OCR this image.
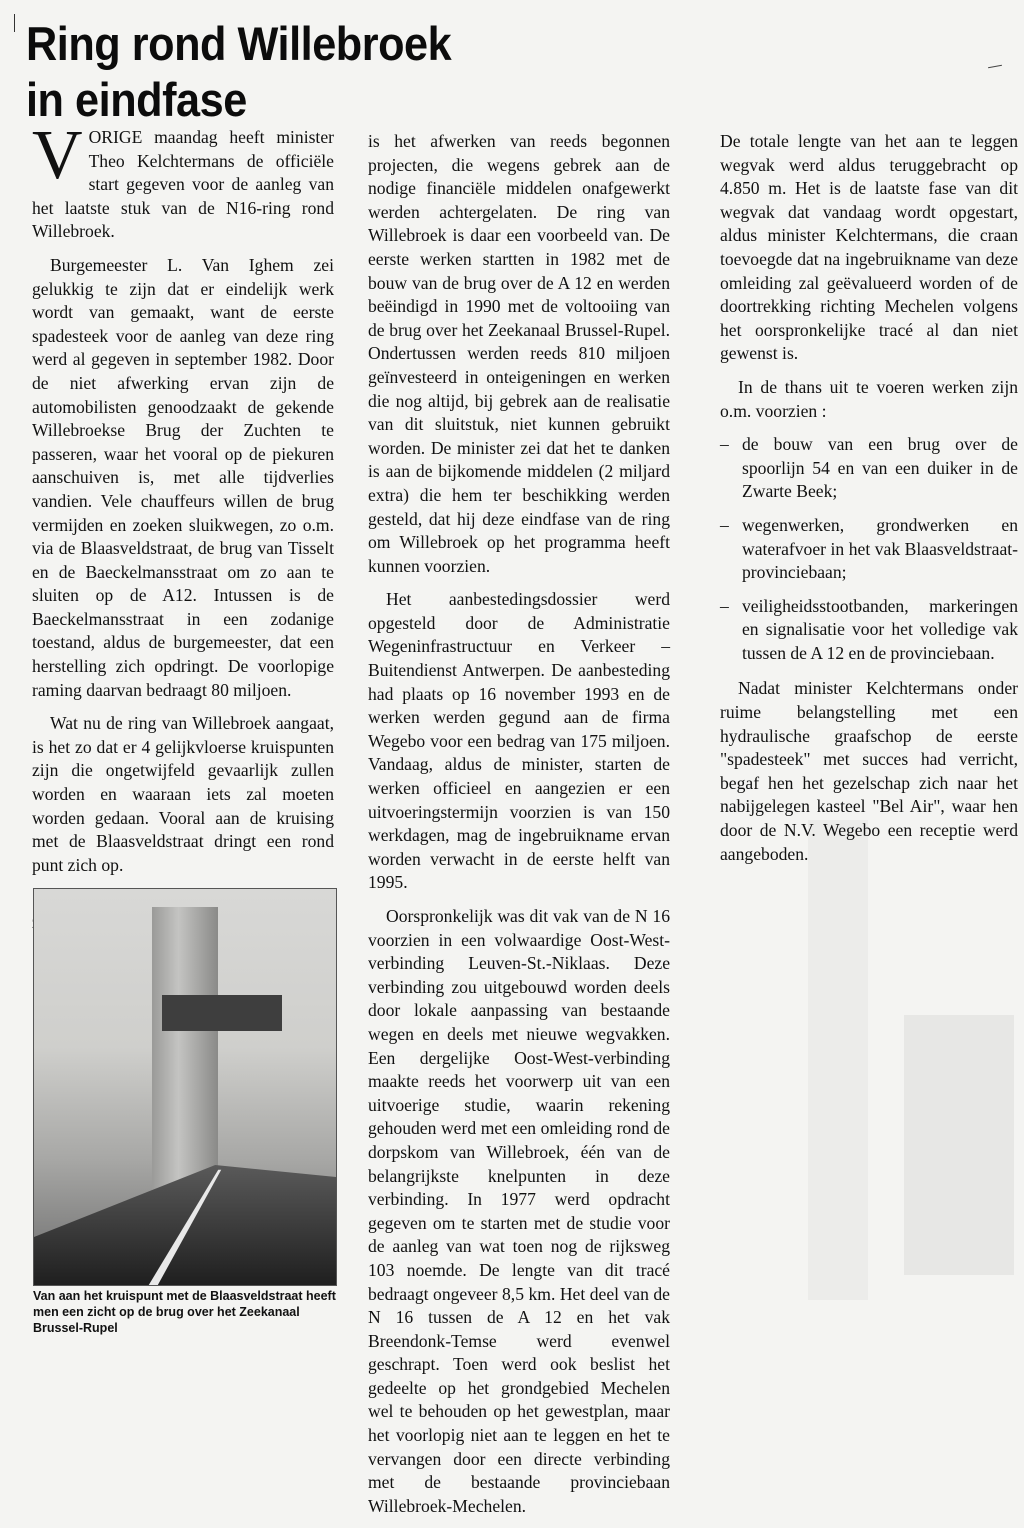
Ring rond Willebroek
in eindfase

VORIGE maandag heeft minister Theo Kelchtermans de officiële start gegeven voor de aanleg van het laatste stuk van de N16-ring rond Willebroek.

Burgemeester L. Van Ighem zei gelukkig te zijn dat er eindelijk werk wordt van gemaakt, want de eerste spadesteek voor de aanleg van deze ring werd al gegeven in september 1982. Door de niet afwerking ervan zijn de automobilisten genoodzaakt de gekende Willebroekse Brug der Zuchten te passeren, waar het vooral op de piekuren aanschuiven is, met alle tijdverlies vandien. Vele chauffeurs willen de brug vermijden en zoeken sluikwegen, zo o.m. via de Blaasveldstraat, de brug van Tisselt en de Baeckelmansstraat om zo aan te sluiten op de A12. Intussen is de Baeckelmansstraat in een zodanige toestand, aldus de burgemeester, dat een herstelling zich opdringt. De voorlopige raming daarvan bedraagt 80 miljoen.

Wat nu de ring van Willebroek aangaat, is het zo dat er 4 gelijkvloerse kruispunten zijn die ongetwijfeld gevaarlijk zullen worden en waaraan iets zal moeten worden gedaan. Vooral aan de kruising met de Blaasveldstraat dringt een rond punt zich op.

Van aan het kruispunt met de Blaasveldstraat heeft men een zicht op de brug over het Zeekanaal Brussel-Rupel

is het afwerken van reeds begonnen projecten, die wegens gebrek aan de nodige financiële middelen onafgewerkt werden achtergelaten. De ring van Willebroek is daar een voorbeeld van. De eerste werken startten in 1982 met de bouw van de brug over de A 12 en werden beëindigd in 1990 met de voltooiing van de brug over het Zeekanaal Brussel-Rupel. Ondertussen werden reeds 810 miljoen geïnvesteerd in onteigeningen en werken die nog altijd, bij gebrek aan de realisatie van dit sluitstuk, niet kunnen gebruikt worden. De minister zei dat het te danken is aan de bijkomende middelen (2 miljard extra) die hem ter beschikking werden gesteld, dat hij deze eindfase van de ring om Willebroek op het programma heeft kunnen voorzien.

Het aanbestedingsdossier werd opgesteld door de Administratie Wegeninfrastructuur en Verkeer – Buitendienst Antwerpen. De aanbesteding had plaats op 16 november 1993 en de werken werden gegund aan de firma Wegebo voor een bedrag van 175 miljoen. Vandaag, aldus de minister, starten de werken officieel en aangezien er een uitvoeringstermijn voorzien is van 150 werkdagen, mag de ingebruikname ervan worden verwacht in de eerste helft van 1995.

Oorspronkelijk was dit vak van de N 16 voorzien in een volwaardige Oost-West- verbinding Leuven-St.-Niklaas. Deze verbinding zou uitgebouwd worden deels door lokale aanpassing van bestaande wegen en deels met nieuwe wegvakken. Een dergelijke Oost-West-verbinding maakte reeds het voorwerp uit van een uitvoerige studie, waarin rekening gehouden werd met een omleiding rond de dorpskom van Willebroek, één van de belangrijkste knelpunten in deze verbinding. In 1977 werd opdracht gegeven om te starten met de studie voor de aanleg van wat toen nog de rijksweg 103 noemde. De lengte van dit tracé bedraagt ongeveer 8,5 km. Het deel van de N 16 tussen de A 12 en het vak Breendonk-Temse werd evenwel geschrapt. Toen werd ook beslist het gedeelte op het grondgebied Mechelen wel te behouden op het gewestplan, maar het voorlopig niet aan te leggen en het te vervangen door een directe verbinding met de bestaande provinciebaan Willebroek-Mechelen.

De totale lengte van het aan te leggen wegvak werd aldus teruggebracht op 4.850 m. Het is de laatste fase van dit wegvak dat vandaag wordt opgestart, aldus minister Kelchtermans, die craan toevoegde dat na ingebruikname van deze omleiding zal geëvalueerd worden of de doortrekking richting Mechelen volgens het oorspronkelijke tracé al dan niet gewenst is.

In de thans uit te voeren werken zijn o.m. voorzien :

– de bouw van een brug over de spoorlijn 54 en van een duiker in de Zwarte Beek;
– wegenwerken, grondwerken en waterafvoer in het vak Blaasveldstraat-provinciebaan;
– veiligheidsstootbanden, markeringen en signalisatie voor het volledige vak tussen de A 12 en de provinciebaan.

Nadat minister Kelchtermans onder ruime belangstelling met een hydraulische graafschop de eerste "spadesteek" met succes had verricht, begaf hen het gezelschap zich naar het nabijgelegen kasteel "Bel Air", waar hen door de N.V. Wegebo een receptie werd aangeboden.
